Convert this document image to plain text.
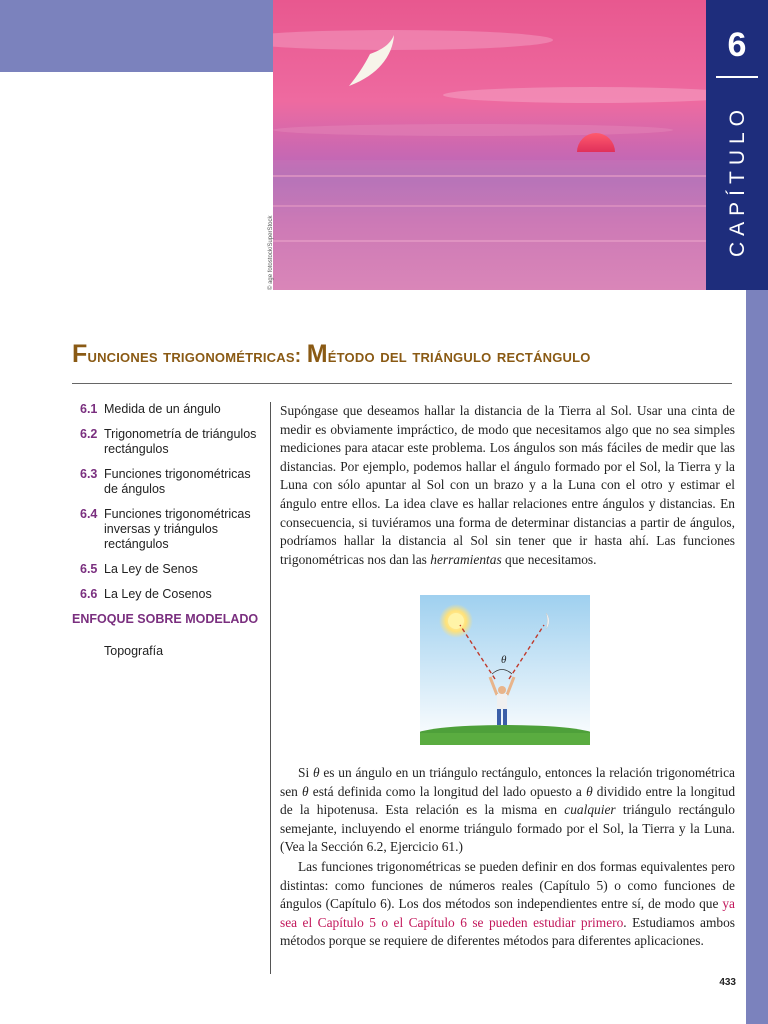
© age fotostock/SuperStock
6
CAPÍTULO
Funciones trigonométricas: Método del triángulo rectángulo
6.1 Medida de un ángulo
6.2 Trigonometría de triángulos rectángulos
6.3 Funciones trigonométricas de ángulos
6.4 Funciones trigonométricas inversas y triángulos rectángulos
6.5 La Ley de Senos
6.6 La Ley de Cosenos
ENFOQUE SOBRE MODELADO
Topografía

Supóngase que deseamos hallar la distancia de la Tierra al Sol. Usar una cinta de medir es obviamente impráctico, de modo que necesitamos algo que no sea simples mediciones para atacar este problema. Los ángulos son más fáciles de medir que las distancias. Por ejemplo, podemos hallar el ángulo formado por el Sol, la Tierra y la Luna con sólo apuntar al Sol con un brazo y a la Luna con el otro y estimar el ángulo entre ellos. La idea clave es hallar relaciones entre ángulos y distancias. En consecuencia, si tuviéramos una forma de determinar distancias a partir de ángulos, podríamos hallar la distancia al Sol sin tener que ir hasta ahí. Las funciones trigonométricas nos dan las herramientas que necesitamos.

θ

Si θ es un ángulo en un triángulo rectángulo, entonces la relación trigonométrica sen θ está definida como la longitud del lado opuesto a θ dividido entre la longitud de la hipotenusa. Esta relación es la misma en cualquier triángulo rectángulo semejante, incluyendo el enorme triángulo formado por el Sol, la Tierra y la Luna. (Vea la Sección 6.2, Ejercicio 61.)

Las funciones trigonométricas se pueden definir en dos formas equivalentes pero distintas: como funciones de números reales (Capítulo 5) o como funciones de ángulos (Capítulo 6). Los dos métodos son independientes entre sí, de modo que ya sea el Capítulo 5 o el Capítulo 6 se pueden estudiar primero. Estudiamos ambos métodos porque se requiere de diferentes métodos para diferentes aplicaciones.

433
